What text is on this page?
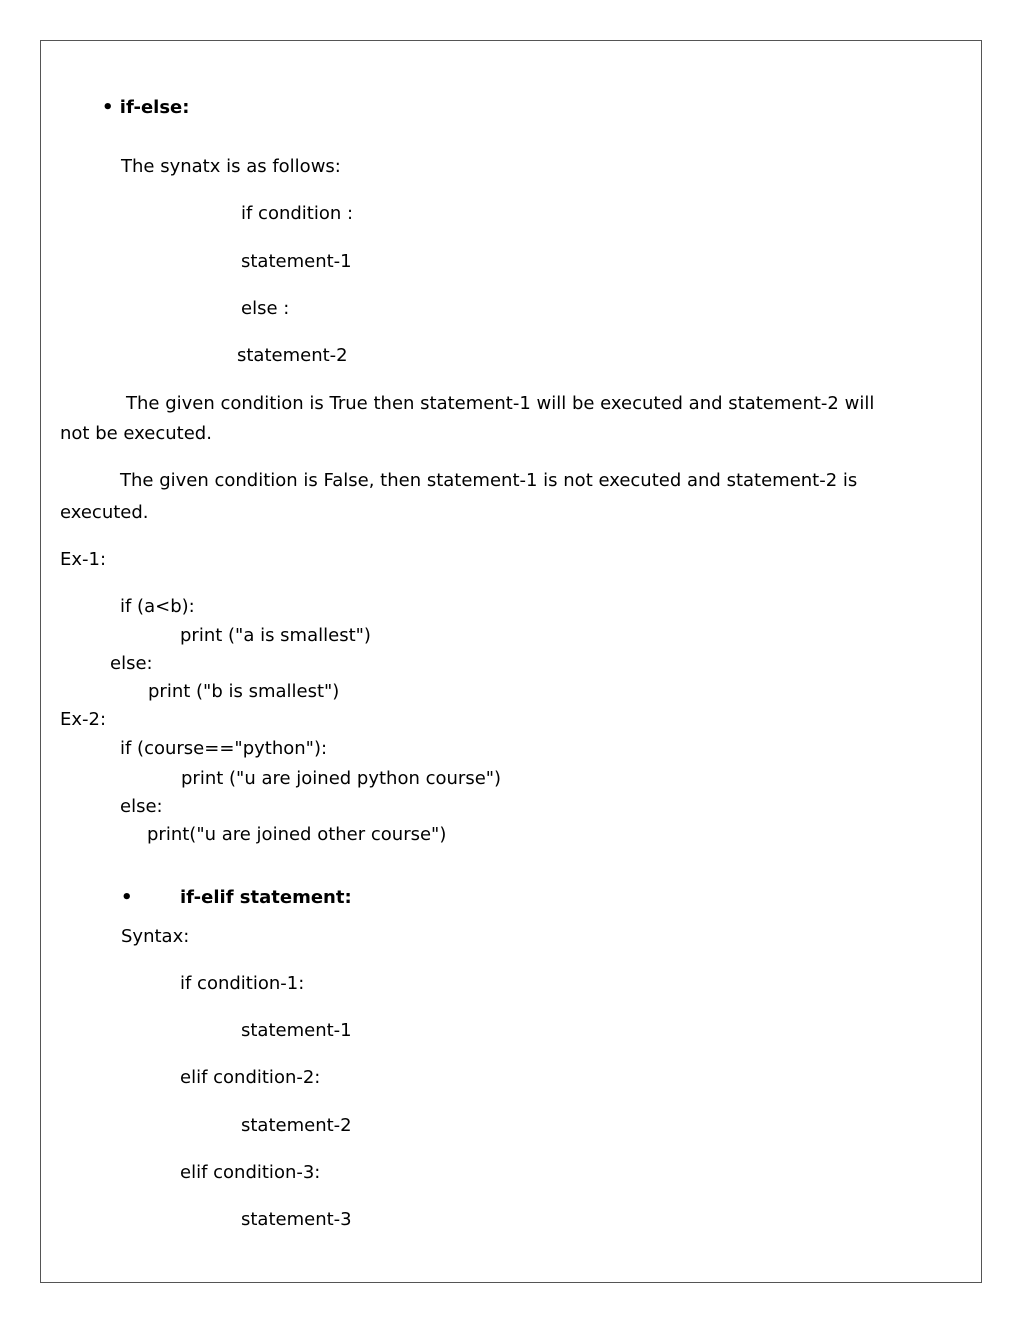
• if-else:
The synatx is as follows:
if condition :
statement-1
else :
statement-2
The given condition is True then statement-1 will be executed and statement-2 will
not be executed.
The given condition is False, then statement-1 is not executed and statement-2 is
executed.
Ex-1:
if (a<b):
print ("a is smallest")
else:
print ("b is smallest")
Ex-2:
if (course=="python"):
print ("u are joined python course")
else:
print("u are joined other course")
•	if-elif statement:
Syntax:
if condition-1:
statement-1
elif condition-2:
statement-2
elif condition-3:
statement-3
